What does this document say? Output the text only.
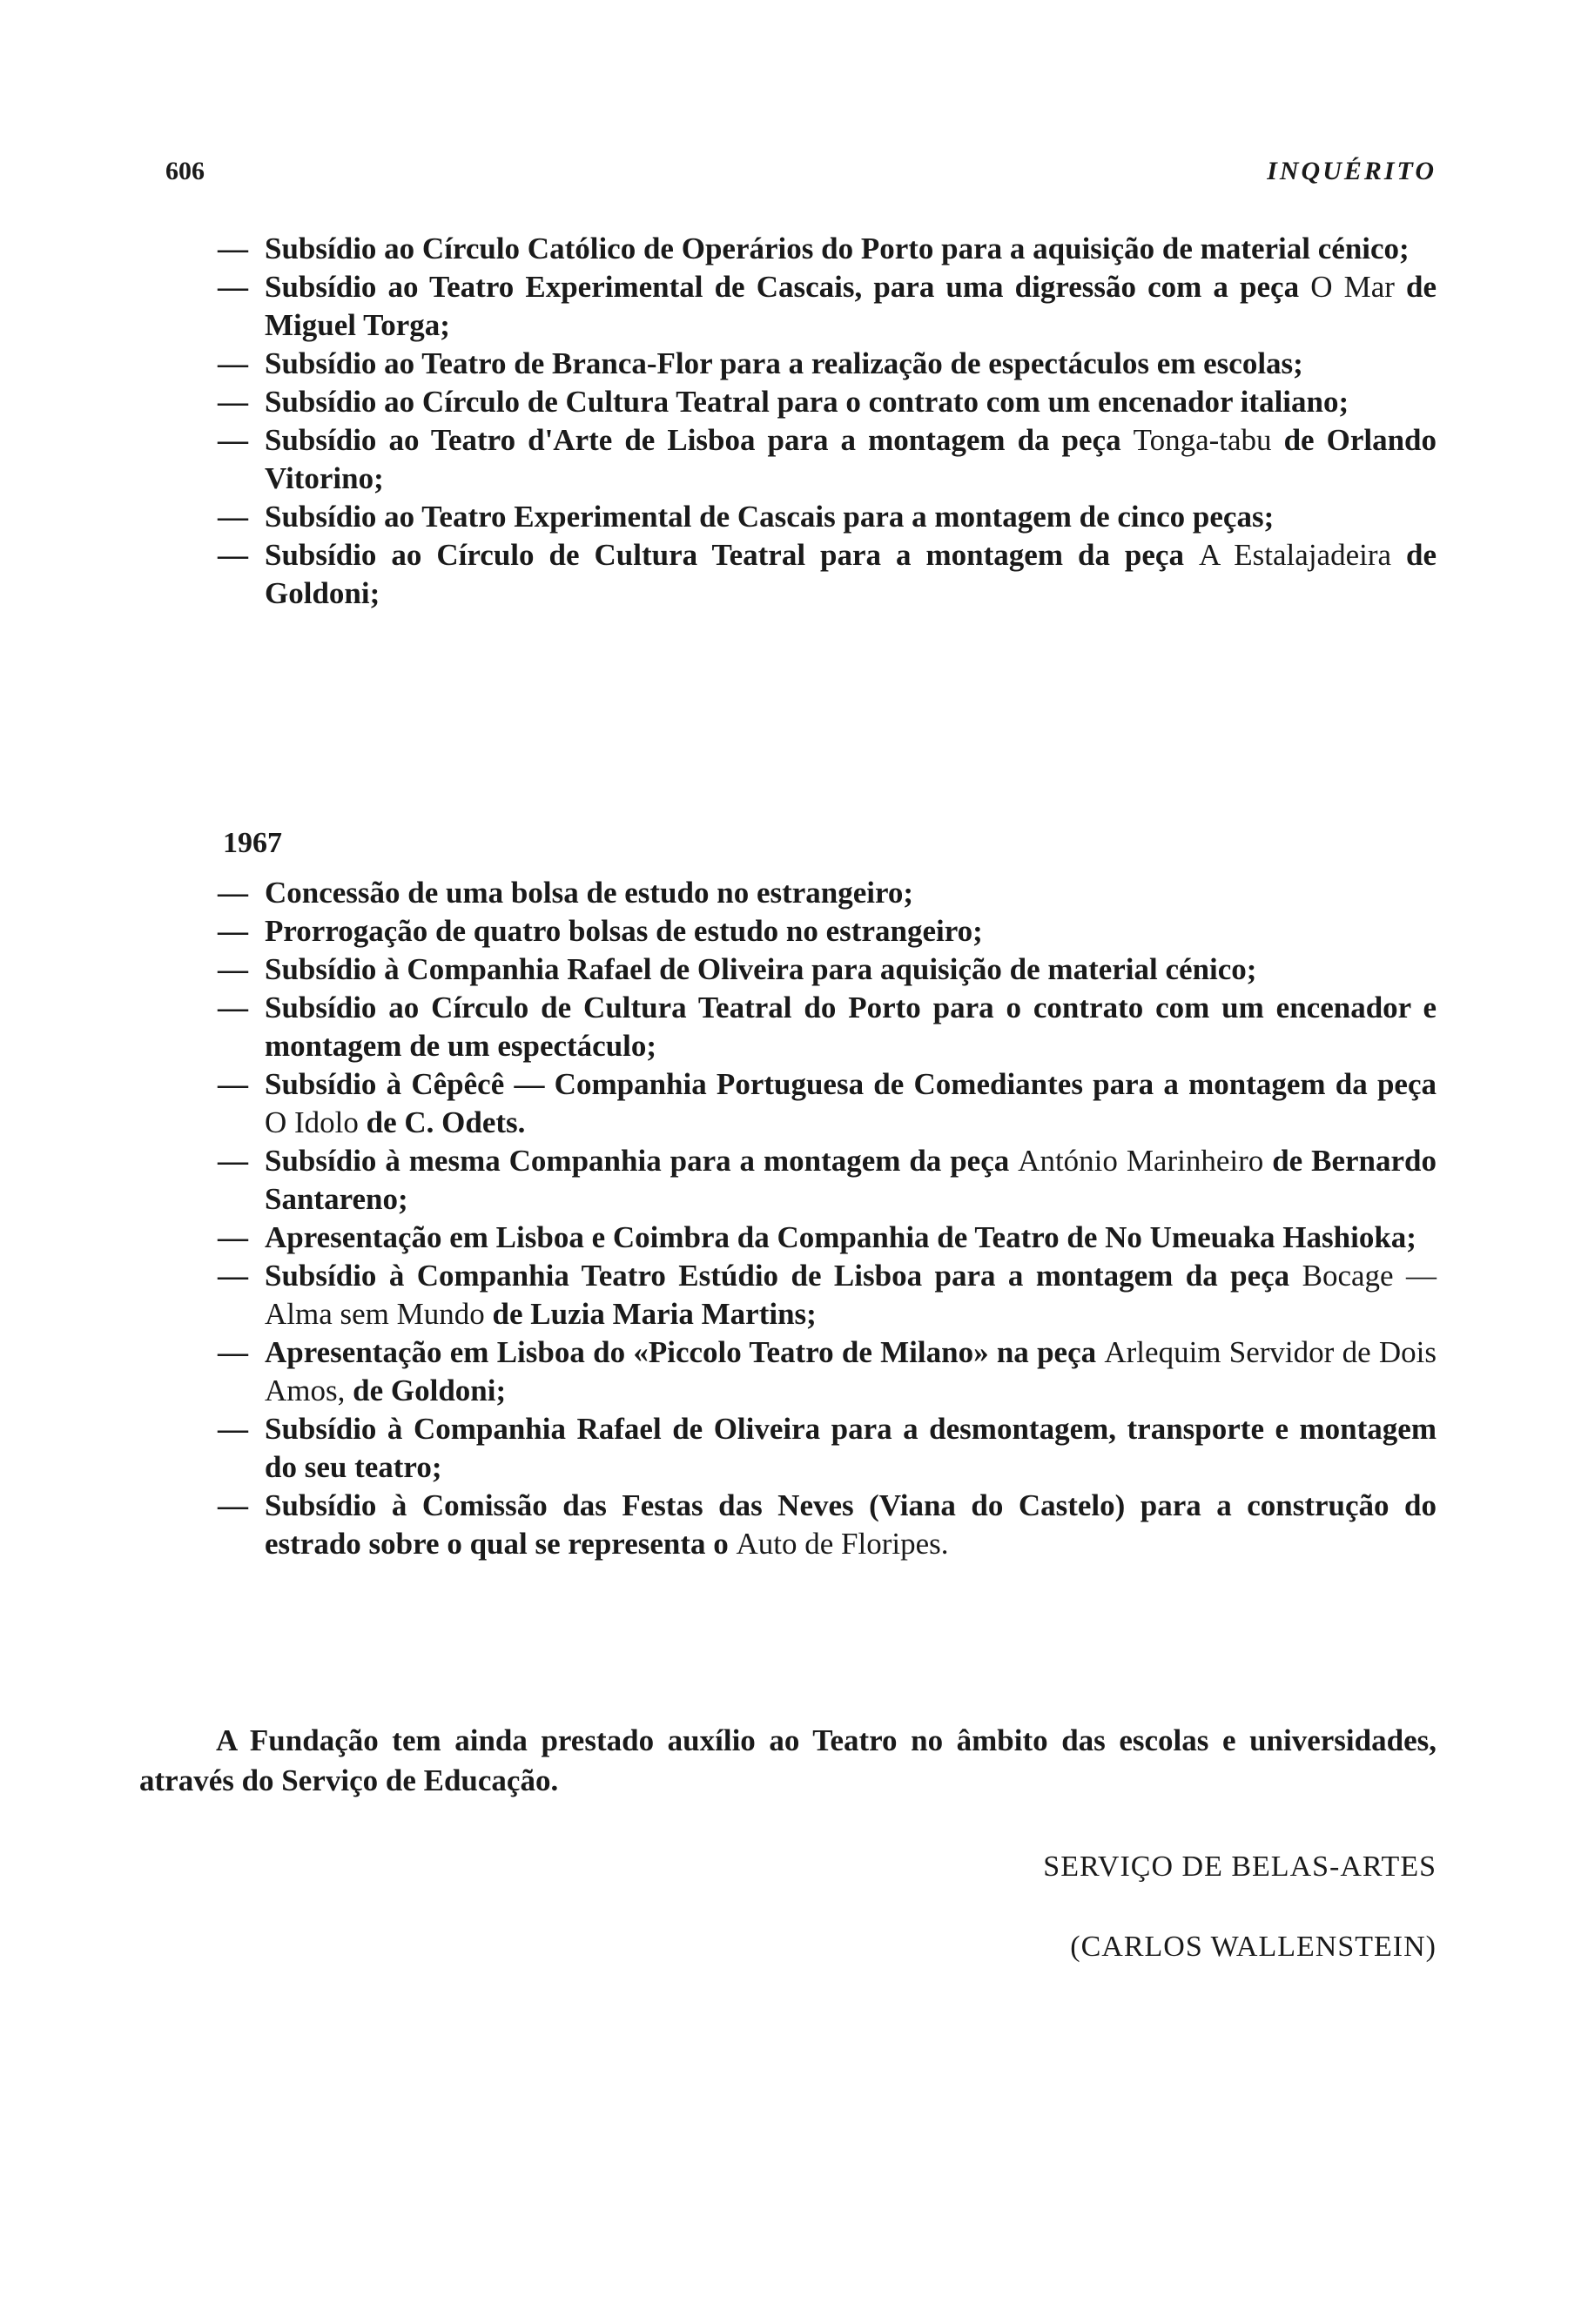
606	INQUÉRITO
— Subsídio ao Círculo Católico de Operários do Porto para a aquisição de material cénico;
— Subsídio ao Teatro Experimental de Cascais, para uma digressão com a peça O Mar de Miguel Torga;
— Subsídio ao Teatro de Branca-Flor para a realização de espectáculos em escolas;
— Subsídio ao Círculo de Cultura Teatral para o contrato com um encenador italiano;
— Subsídio ao Teatro d'Arte de Lisboa para a montagem da peça Tonga-tabu de Orlando Vitorino;
— Subsídio ao Teatro Experimental de Cascais para a montagem de cinco peças;
— Subsídio ao Círculo de Cultura Teatral para a montagem da peça A Estalajadeira de Goldoni;
1967
— Concessão de uma bolsa de estudo no estrangeiro;
— Prorrogação de quatro bolsas de estudo no estrangeiro;
— Subsídio à Companhia Rafael de Oliveira para aquisição de material cénico;
— Subsídio ao Círculo de Cultura Teatral do Porto para o contrato com um encenador e montagem de um espectáculo;
— Subsídio à Cêpêcê — Companhia Portuguesa de Comediantes para a montagem da peça O Idolo de C. Odets.
— Subsídio à mesma Companhia para a montagem da peça António Marinheiro de Bernardo Santareno;
— Apresentação em Lisboa e Coimbra da Companhia de Teatro de No Umeuaka Hashioka;
— Subsídio à Companhia Teatro Estúdio de Lisboa para a montagem da peça Bocage — Alma sem Mundo de Luzia Maria Martins;
— Apresentação em Lisboa do «Piccolo Teatro de Milano» na peça Arlequim Servidor de Dois Amos, de Goldoni;
— Subsídio à Companhia Rafael de Oliveira para a desmontagem, transporte e montagem do seu teatro;
— Subsídio à Comissão das Festas das Neves (Viana do Castelo) para a construção do estrado sobre o qual se representa o Auto de Floripes.

A Fundação tem ainda prestado auxílio ao Teatro no âmbito das escolas e universidades, através do Serviço de Educação.

SERVIÇO DE BELAS-ARTES
(CARLOS WALLENSTEIN)
